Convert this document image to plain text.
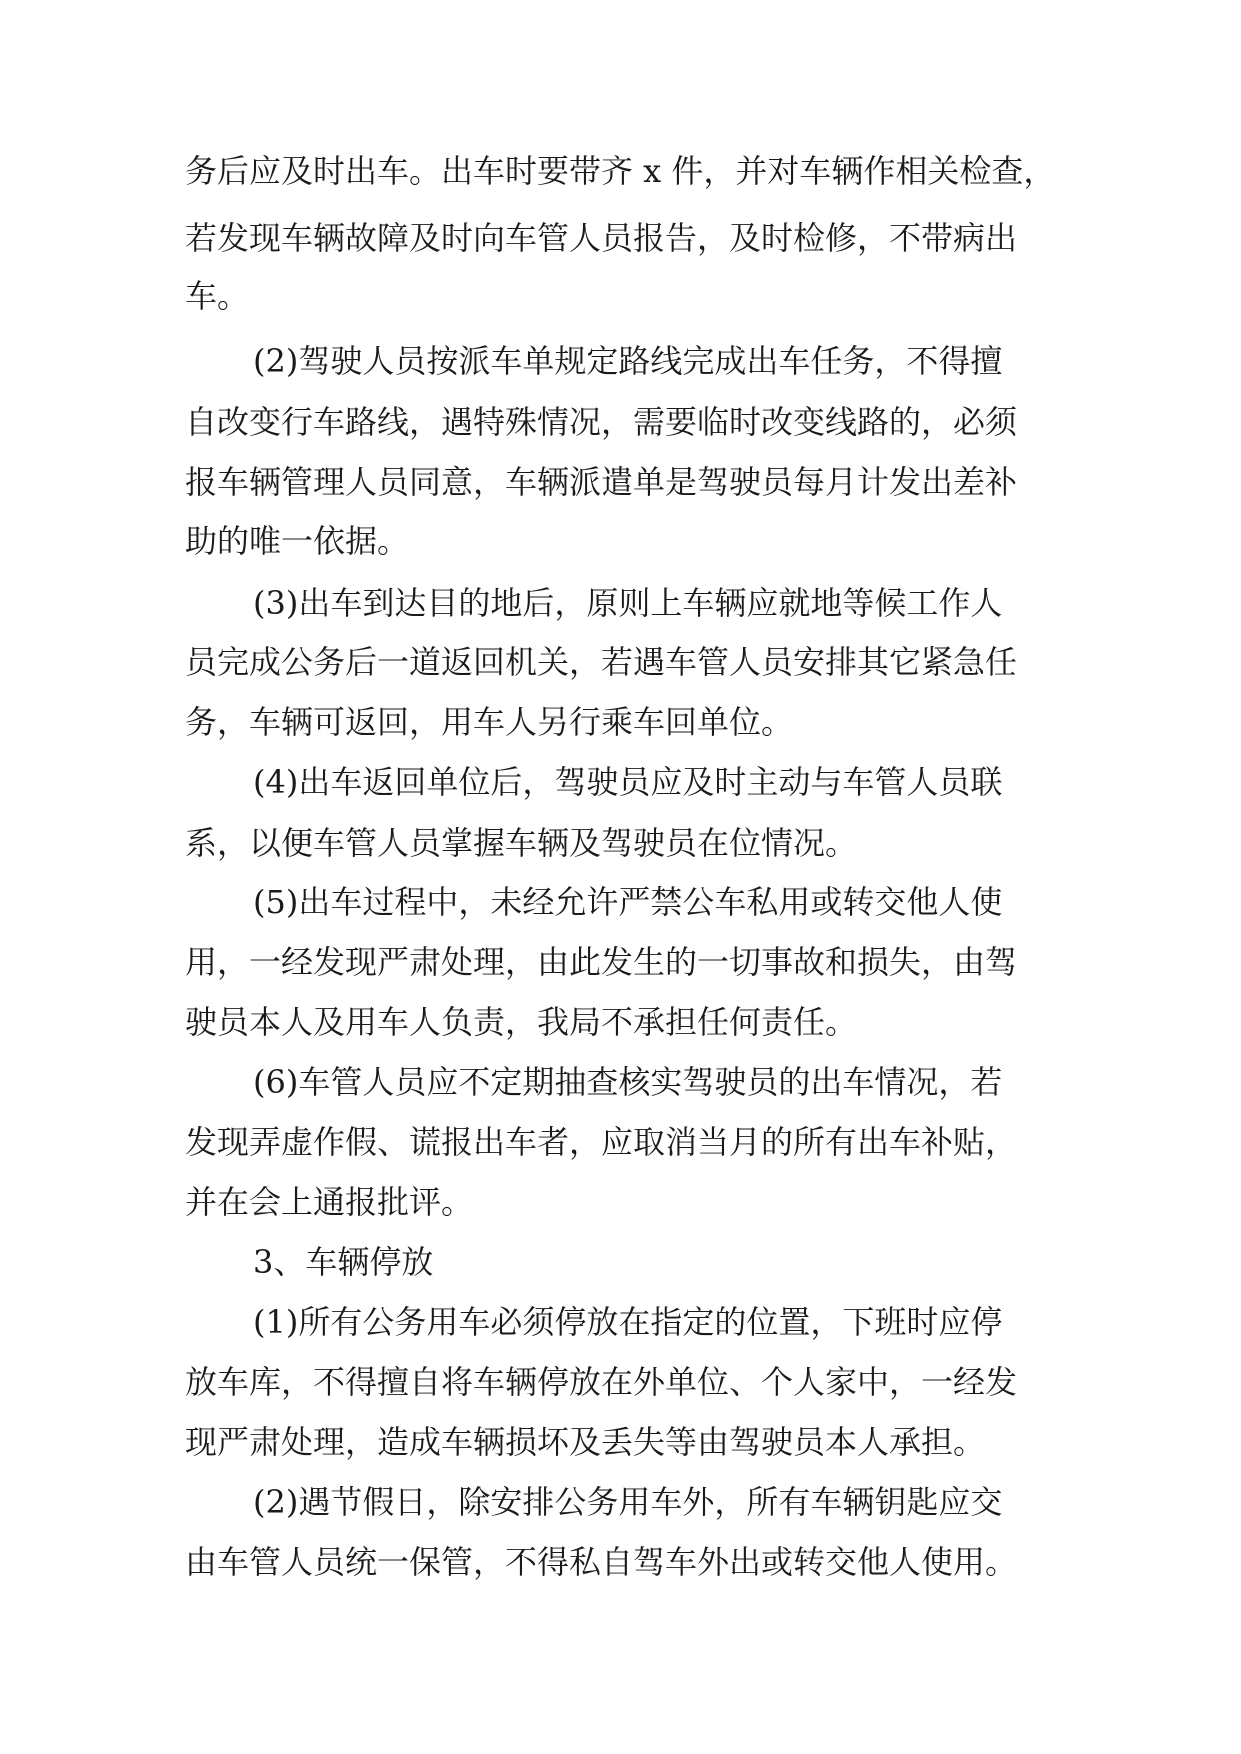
务后应及时出车。出车时要带齐 x 件，并对车辆作相关检查，
若发现车辆故障及时向车管人员报告，及时检修，不带病出
车。
(2)驾驶人员按派车单规定路线完成出车任务，不得擅
自改变行车路线，遇特殊情况，需要临时改变线路的，必须
报车辆管理人员同意，车辆派遣单是驾驶员每月计发出差补
助的唯一依据。
(3)出车到达目的地后，原则上车辆应就地等候工作人
员完成公务后一道返回机关，若遇车管人员安排其它紧急任
务，车辆可返回，用车人另行乘车回单位。
(4)出车返回单位后，驾驶员应及时主动与车管人员联
系，以便车管人员掌握车辆及驾驶员在位情况。
(5)出车过程中，未经允许严禁公车私用或转交他人使
用，一经发现严肃处理，由此发生的一切事故和损失，由驾
驶员本人及用车人负责，我局不承担任何责任。
(6)车管人员应不定期抽查核实驾驶员的出车情况，若
发现弄虚作假、谎报出车者，应取消当月的所有出车补贴，
并在会上通报批评。
3、车辆停放
(1)所有公务用车必须停放在指定的位置，下班时应停
放车库，不得擅自将车辆停放在外单位、个人家中，一经发
现严肃处理，造成车辆损坏及丢失等由驾驶员本人承担。
(2)遇节假日，除安排公务用车外，所有车辆钥匙应交
由车管人员统一保管，不得私自驾车外出或转交他人使用。
